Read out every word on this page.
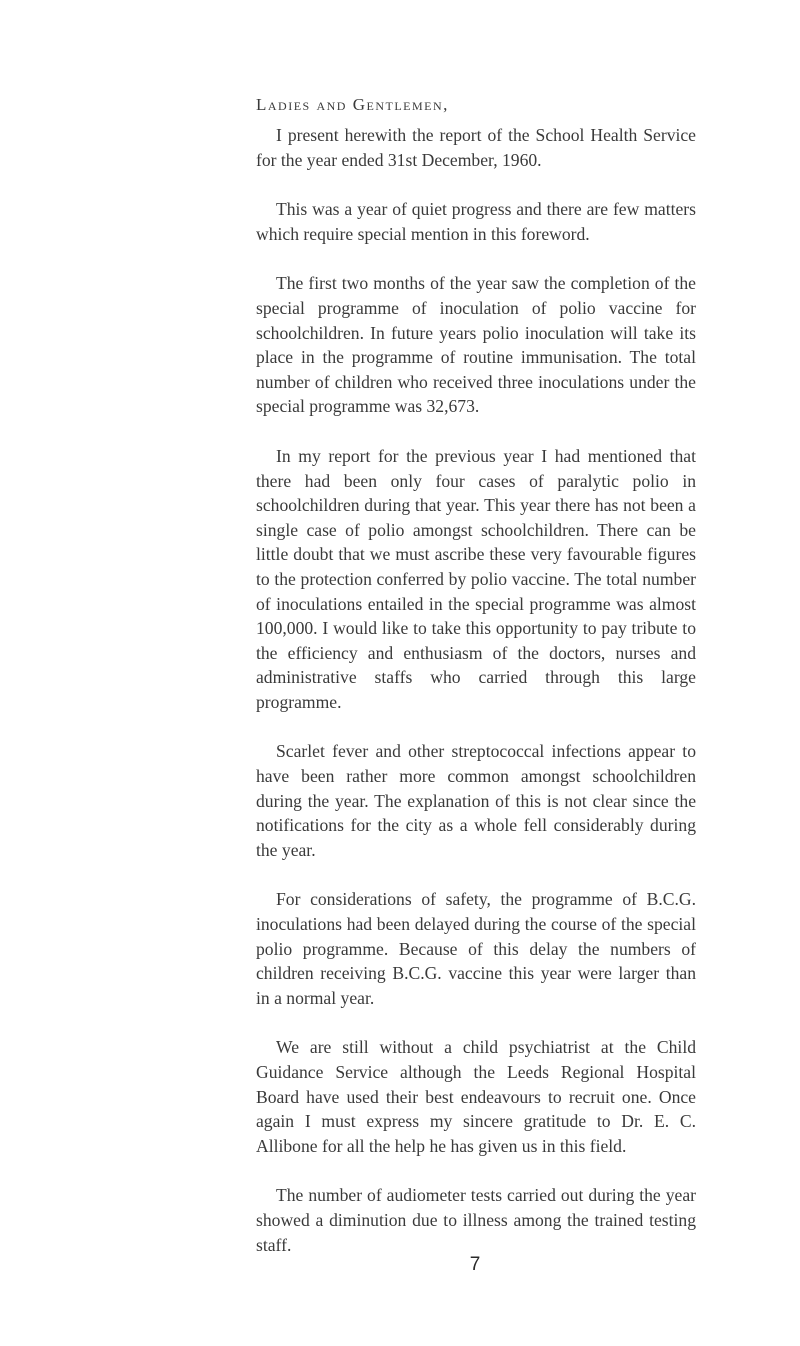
Ladies and Gentlemen,

I present herewith the report of the School Health Service for the year ended 31st December, 1960.

This was a year of quiet progress and there are few matters which require special mention in this foreword.

The first two months of the year saw the completion of the special programme of inoculation of polio vaccine for schoolchildren. In future years polio inoculation will take its place in the programme of routine immunisation. The total number of children who received three inoculations under the special programme was 32,673.

In my report for the previous year I had mentioned that there had been only four cases of paralytic polio in schoolchildren during that year. This year there has not been a single case of polio amongst schoolchildren. There can be little doubt that we must ascribe these very favourable figures to the protection conferred by polio vaccine. The total number of inoculations entailed in the special programme was almost 100,000. I would like to take this opportunity to pay tribute to the efficiency and enthusiasm of the doctors, nurses and administrative staffs who carried through this large programme.

Scarlet fever and other streptococcal infections appear to have been rather more common amongst schoolchildren during the year. The explanation of this is not clear since the notifications for the city as a whole fell considerably during the year.

For considerations of safety, the programme of B.C.G. inoculations had been delayed during the course of the special polio programme. Because of this delay the numbers of children receiving B.C.G. vaccine this year were larger than in a normal year.

We are still without a child psychiatrist at the Child Guidance Service although the Leeds Regional Hospital Board have used their best endeavours to recruit one. Once again I must express my sincere gratitude to Dr. E. C. Allibone for all the help he has given us in this field.

The number of audiometer tests carried out during the year showed a diminution due to illness among the trained testing staff.

7
